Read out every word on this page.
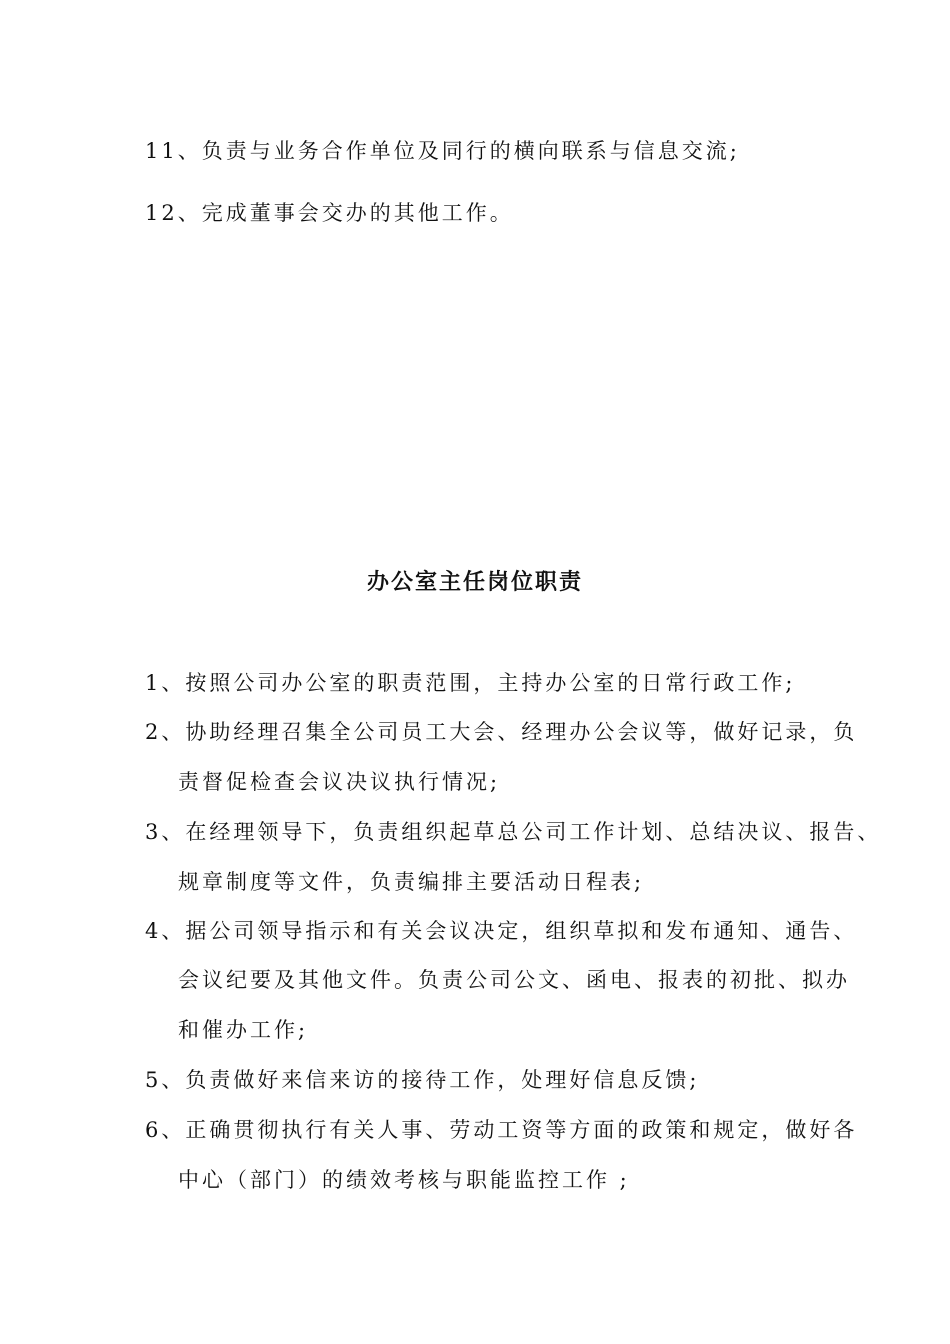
11、负责与业务合作单位及同行的横向联系与信息交流;
12、完成董事会交办的其他工作。
办公室主任岗位职责
1、按照公司办公室的职责范围，主持办公室的日常行政工作;
2、协助经理召集全公司员工大会、经理办公会议等，做好记录，负
责督促检查会议决议执行情况;
3、在经理领导下，负责组织起草总公司工作计划、总结决议、报告、
规章制度等文件，负责编排主要活动日程表;
4、据公司领导指示和有关会议决定，组织草拟和发布通知、通告、
会议纪要及其他文件。负责公司公文、函电、报表的初批、拟办
和催办工作;
5、负责做好来信来访的接待工作，处理好信息反馈;
6、正确贯彻执行有关人事、劳动工资等方面的政策和规定，做好各
中心（部门）的绩效考核与职能监控工作 ;
